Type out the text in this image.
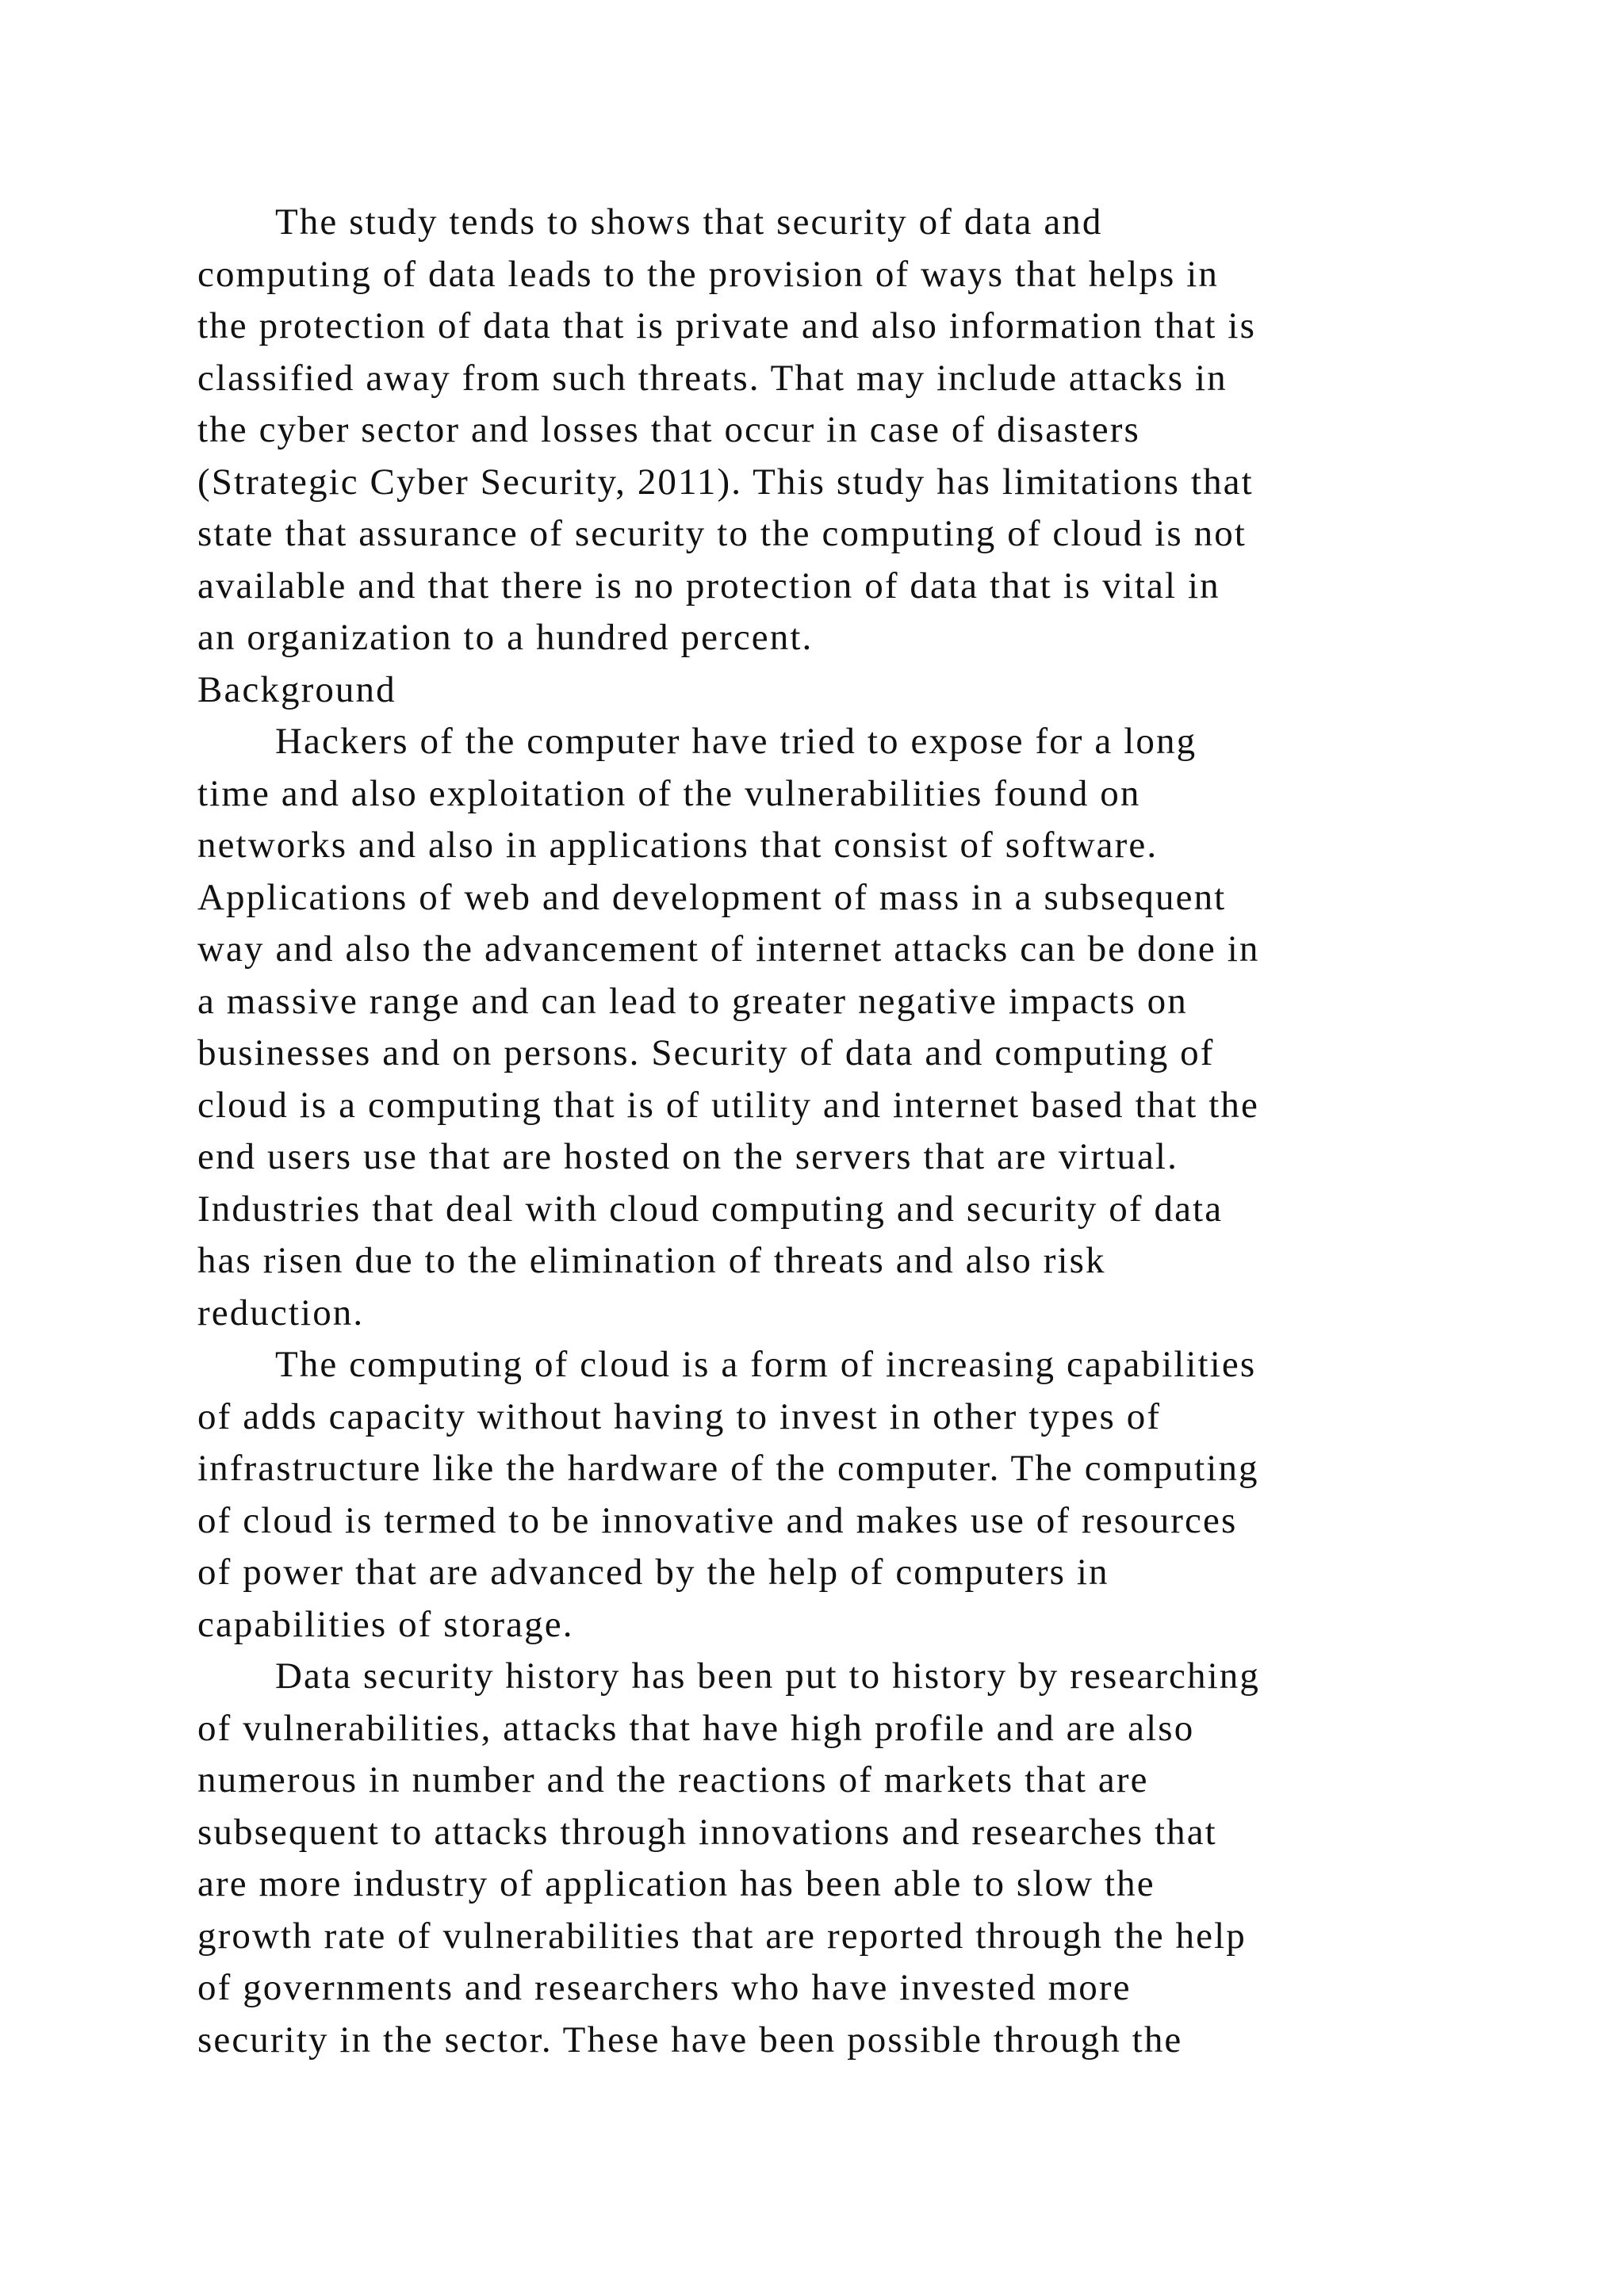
The study tends to shows that security of data and
computing of data leads to the provision of ways that helps in
the protection of data that is private and also information that is
classified away from such threats. That may include attacks in
the cyber sector and losses that occur in case of disasters
(Strategic Cyber Security, 2011). This study has limitations that
state that assurance of security to the computing of cloud is not
available and that there is no protection of data that is vital in
an organization to a hundred percent.
Background
Hackers of the computer have tried to expose for a long
time and also exploitation of the vulnerabilities found on
networks and also in applications that consist of software.
Applications of web and development of mass in a subsequent
way and also the advancement of internet attacks can be done in
a massive range and can lead to greater negative impacts on
businesses and on persons. Security of data and computing of
cloud is a computing that is of utility and internet based that the
end users use that are hosted on the servers that are virtual.
Industries that deal with cloud computing and security of data
has risen due to the elimination of threats and also risk
reduction.
The computing of cloud is a form of increasing capabilities
of adds capacity without having to invest in other types of
infrastructure like the hardware of the computer. The computing
of cloud is termed to be innovative and makes use of resources
of power that are advanced by the help of computers in
capabilities of storage.
Data security history has been put to history by researching
of vulnerabilities, attacks that have high profile and are also
numerous in number and the reactions of markets that are
subsequent to attacks through innovations and researches that
are more industry of application has been able to slow the
growth rate of vulnerabilities that are reported through the help
of governments and researchers who have invested more
security in the sector. These have been possible through the
